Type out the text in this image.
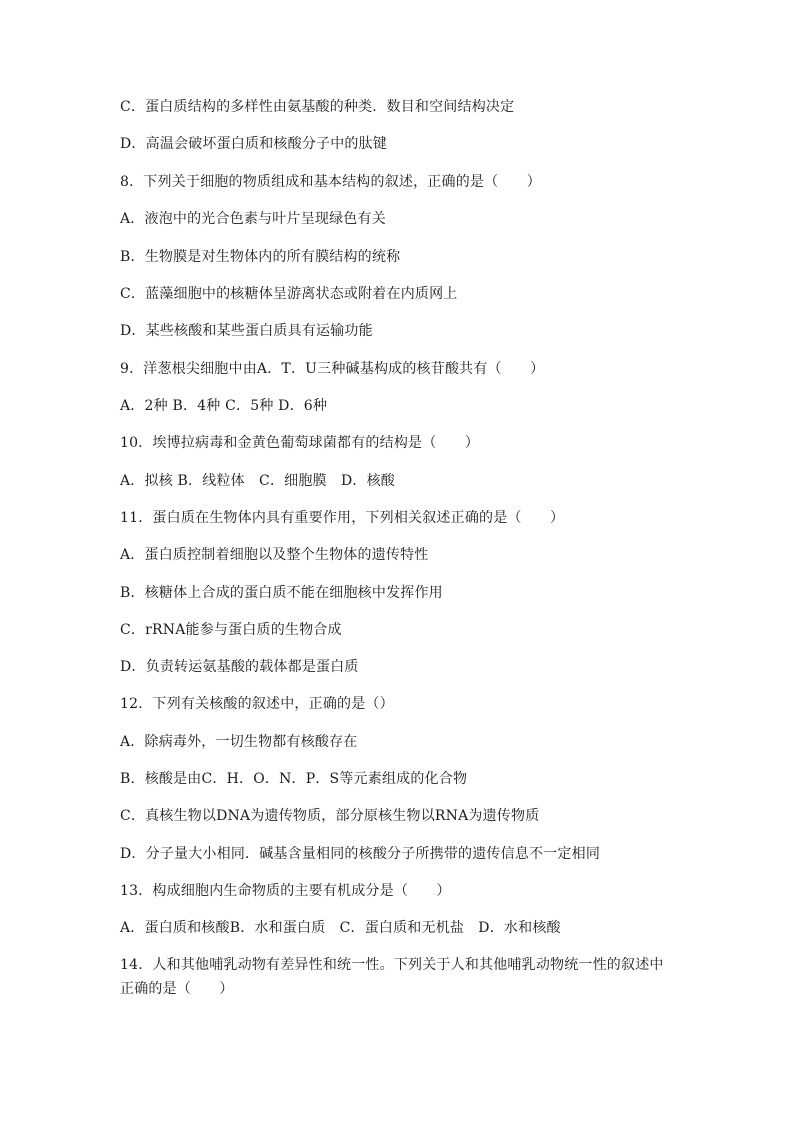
C．蛋白质结构的多样性由氨基酸的种类．数目和空间结构决定
D．高温会破坏蛋白质和核酸分子中的肽键
8．下列关于细胞的物质组成和基本结构的叙述，正确的是（　　）
A．液泡中的光合色素与叶片呈现绿色有关
B．生物膜是对生物体内的所有膜结构的统称
C．蓝藻细胞中的核糖体呈游离状态或附着在内质网上
D．某些核酸和某些蛋白质具有运输功能
9．洋葱根尖细胞中由A．T．U三种碱基构成的核苷酸共有（　　）
A．2种 B．4种 C．5种 D．6种
10．埃博拉病毒和金黄色葡萄球菌都有的结构是（　　）
A．拟核 B．线粒体　C．细胞膜　D．核酸
11．蛋白质在生物体内具有重要作用，下列相关叙述正确的是（　　）
A．蛋白质控制着细胞以及整个生物体的遗传特性
B．核糖体上合成的蛋白质不能在细胞核中发挥作用
C．rRNA能参与蛋白质的生物合成
D．负责转运氨基酸的载体都是蛋白质
12．下列有关核酸的叙述中，正确的是（）
A．除病毒外，一切生物都有核酸存在
B．核酸是由C．H．O．N．P．S等元素组成的化合物
C．真核生物以DNA为遗传物质，部分原核生物以RNA为遗传物质
D．分子量大小相同．碱基含量相同的核酸分子所携带的遗传信息不一定相同
13．构成细胞内生命物质的主要有机成分是（　　）
A．蛋白质和核酸B．水和蛋白质　C．蛋白质和无机盐　D．水和核酸
14．人和其他哺乳动物有差异性和统一性。下列关于人和其他哺乳动物统一性的叙述中
正确的是（　　）
